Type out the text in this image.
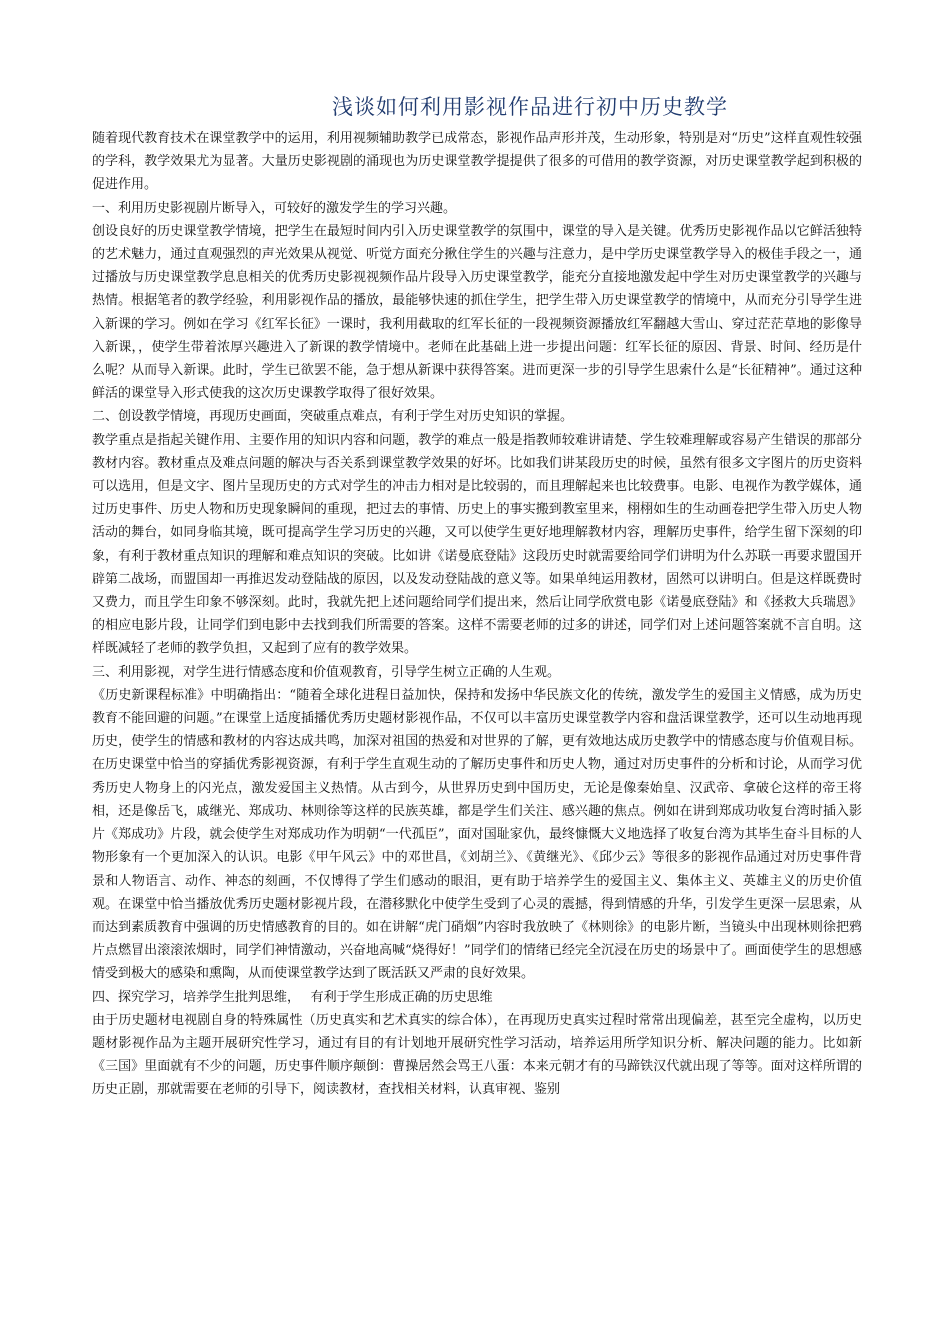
浅谈如何利用影视作品进行初中历史教学

随着现代教育技术在课堂教学中的运用，利用视频辅助教学已成常态，影视作品声形并茂，生动形象，特别是对“历史”这样直观性较强的学科，教学效果尤为显著。大量历史影视剧的涌现也为历史课堂教学提提供了很多的可借用的教学资源，对历史课堂教学起到积极的促进作用。

一、利用历史影视剧片断导入，可较好的激发学生的学习兴趣。

创设良好的历史课堂教学情境，把学生在最短时间内引入历史课堂教学的氛围中，课堂的导入是关键。优秀历史影视作品以它鲜活独特的艺术魅力，通过直观强烈的声光效果从视觉、听觉方面充分揪住学生的兴趣与注意力，是中学历史课堂教学导入的极佳手段之一，通过播放与历史课堂教学息息相关的优秀历史影视视频作品片段导入历史课堂教学，能充分直接地激发起中学生对历史课堂教学的兴趣与热情。根据笔者的教学经验，利用影视作品的播放，最能够快速的抓住学生，把学生带入历史课堂教学的情境中，从而充分引导学生进入新课的学习。例如在学习《红军长征》一课时，我利用截取的红军长征的一段视频资源播放红军翻越大雪山、穿过茫茫草地的影像导入新课，，使学生带着浓厚兴趣进入了新课的教学情境中。老师在此基础上进一步提出问题：红军长征的原因、背景、时间、经历是什么呢？从而导入新课。此时，学生已欲罢不能，急于想从新课中获得答案。进而更深一步的引导学生思索什么是“长征精神”。通过这种鲜活的课堂导入形式使我的这次历史课教学取得了很好效果。

二、创设教学情境，再现历史画面，突破重点难点，有利于学生对历史知识的掌握。

教学重点是指起关键作用、主要作用的知识内容和问题，教学的难点一般是指教师较难讲请楚、学生较难理解或容易产生错误的那部分教材内容。教材重点及难点问题的解决与否关系到课堂教学效果的好坏。比如我们讲某段历史的时候，虽然有很多文字图片的历史资料可以选用，但是文字、图片呈现历史的方式对学生的冲击力相对是比较弱的，而且理解起来也比较费事。电影、电视作为教学媒体，通过历史事件、历史人物和历史现象瞬间的重现，把过去的事情、历史上的事实搬到教室里来，栩栩如生的生动画卷把学生带入历史人物活动的舞台，如同身临其境，既可提高学生学习历史的兴趣，又可以使学生更好地理解教材内容，理解历史事件，给学生留下深刻的印象，有利于教材重点知识的理解和难点知识的突破。比如讲《诺曼底登陆》这段历史时就需要给同学们讲明为什么苏联一再要求盟国开辟第二战场，而盟国却一再推迟发动登陆战的原因，以及发动登陆战的意义等。如果单纯运用教材，固然可以讲明白。但是这样既费时又费力，而且学生印象不够深刻。此时，我就先把上述问题给同学们提出来，然后让同学欣赏电影《诺曼底登陆》和《拯救大兵瑞恩》的相应电影片段，让同学们到电影中去找到我们所需要的答案。这样不需要老师的过多的讲述，同学们对上述问题答案就不言自明。这样既减轻了老师的教学负担，又起到了应有的教学效果。

三、利用影视，对学生进行情感态度和价值观教育，引导学生树立正确的人生观。

《历史新课程标准》中明确指出：“随着全球化进程日益加快，保持和发扬中华民族文化的传统，激发学生的爱国主义情感，成为历史教育不能回避的问题。”在课堂上适度插播优秀历史题材影视作品，不仅可以丰富历史课堂教学内容和盘活课堂教学，还可以生动地再现历史，使学生的情感和教材的内容达成共鸣，加深对祖国的热爱和对世界的了解，更有效地达成历史教学中的情感态度与价值观目标。在历史课堂中恰当的穿插优秀影视资源，有利于学生直观生动的了解历史事件和历史人物，通过对历史事件的分析和讨论，从而学习优秀历史人物身上的闪光点，激发爱国主义热情。从古到今，从世界历史到中国历史，无论是像秦始皇、汉武帝、拿破仑这样的帝王将相，还是像岳飞，戚继光、郑成功、林则徐等这样的民族英雄，都是学生们关注、感兴趣的焦点。例如在讲到郑成功收复台湾时插入影片《郑成功》片段，就会使学生对郑成功作为明朝“一代孤臣”，面对国耻家仇，最终慷慨大义地选择了收复台湾为其毕生奋斗目标的人物形象有一个更加深入的认识。电影《甲午风云》中的邓世昌，《刘胡兰》、《黄继光》、《邱少云》等很多的影视作品通过对历史事件背景和人物语言、动作、神态的刻画，不仅博得了学生们感动的眼泪，更有助于培养学生的爱国主义、集体主义、英雄主义的历史价值观。在课堂中恰当播放优秀历史题材影视片段，在潜移默化中使学生受到了心灵的震撼，得到情感的升华，引发学生更深一层思索，从而达到素质教育中强调的历史情感教育的目的。如在讲解“虎门硝烟”内容时我放映了《林则徐》的电影片断，当镜头中出现林则徐把鸦片点燃冒出滚滚浓烟时，同学们神情激动，兴奋地高喊“烧得好！”同学们的情绪已经完全沉浸在历史的场景中了。画面使学生的思想感情受到极大的感染和熏陶，从而使课堂教学达到了既活跃又严肃的良好效果。

四、探究学习，培养学生批判思维，　 有利于学生形成正确的历史思维

由于历史题材电视剧自身的特殊属性（历史真实和艺术真实的综合体），在再现历史真实过程时常常出现偏差，甚至完全虚构，以历史题材影视作品为主题开展研究性学习，通过有目的有计划地开展研究性学习活动，培养运用所学知识分析、解决问题的能力。比如新《三国》里面就有不少的问题，历史事件顺序颠倒：曹操居然会骂王八蛋：本来元朝才有的马蹄铁汉代就出现了等等。面对这样所谓的历史正剧，那就需要在老师的引导下，阅读教材，查找相关材料，认真审视、鉴别
